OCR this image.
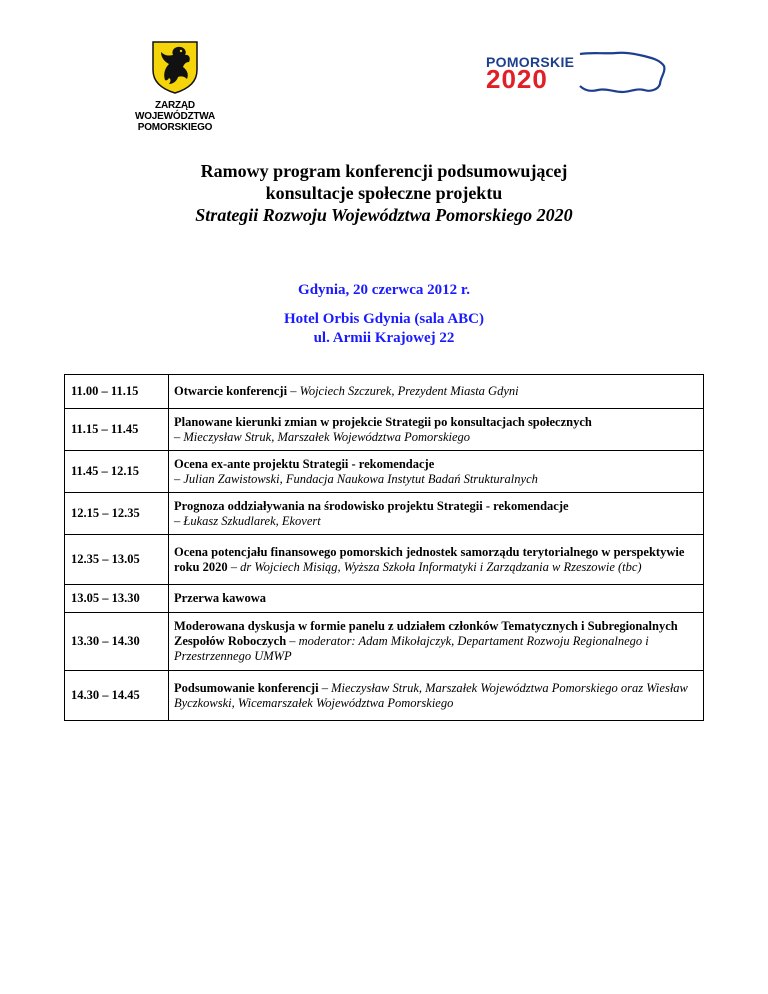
ZARZĄD
WOJEWÓDZTWA POMORSKIEGO
POMORSKIE
2020
Ramowy program konferencji podsumowującej
konsultacje społeczne projektu
Strategii Rozwoju Województwa Pomorskiego 2020
Gdynia, 20 czerwca 2012 r.
Hotel Orbis Gdynia (sala ABC)
ul. Armii Krajowej 22
11.00 – 11.15	Otwarcie konferencji – Wojciech Szczurek, Prezydent Miasta Gdyni
11.15 – 11.45	Planowane kierunki zmian w projekcie Strategii po konsultacjach społecznych
– Mieczysław Struk, Marszałek Województwa Pomorskiego
11.45 – 12.15	Ocena ex-ante projektu Strategii - rekomendacje
– Julian Zawistowski, Fundacja Naukowa Instytut Badań Strukturalnych
12.15 – 12.35	Prognoza oddziaływania na środowisko projektu Strategii - rekomendacje
– Łukasz Szkudlarek, Ekovert
12.35 – 13.05	Ocena potencjału finansowego pomorskich jednostek samorządu terytorialnego w perspektywie roku 2020 – dr Wojciech Misiąg, Wyższa Szkoła Informatyki i Zarządzania w Rzeszowie (tbc)
13.05 – 13.30	Przerwa kawowa
13.30 – 14.30	Moderowana dyskusja w formie panelu z udziałem członków Tematycznych i Subregionalnych Zespołów Roboczych – moderator: Adam Mikołajczyk, Departament Rozwoju Regionalnego i Przestrzennego UMWP
14.30 – 14.45	Podsumowanie konferencji – Mieczysław Struk, Marszałek Województwa Pomorskiego oraz Wiesław Byczkowski, Wicemarszałek Województwa Pomorskiego
